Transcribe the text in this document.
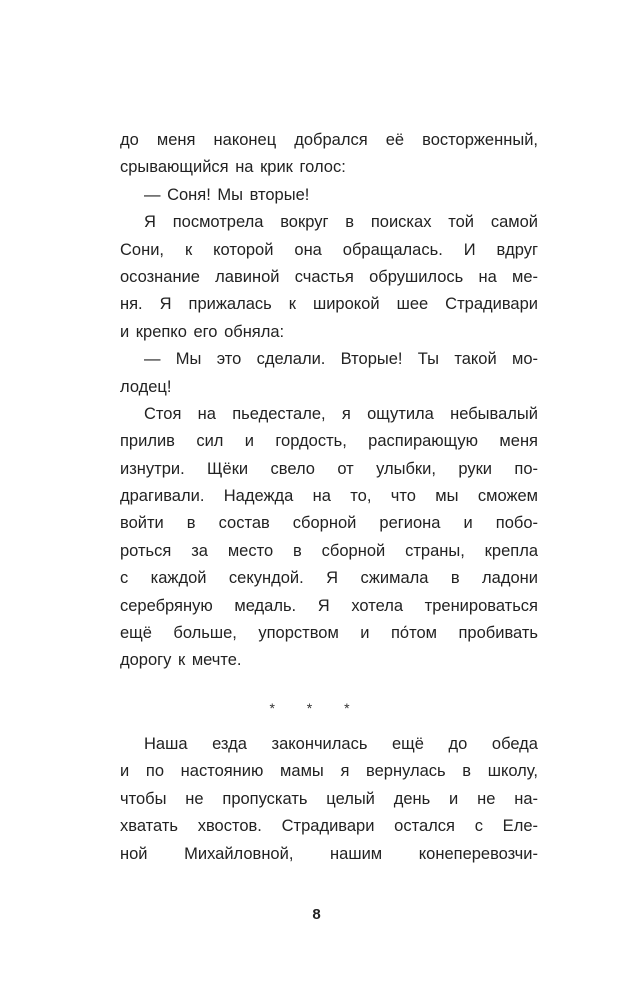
до меня наконец добрался её восторженный,
срывающийся на крик голос:
— Соня! Мы вторые!
Я посмотрела вокруг в поисках той самой
Сони, к которой она обращалась. И вдруг
осознание лавиной счастья обрушилось на ме-
ня. Я прижалась к широкой шее Страдивари
и крепко его обняла:
— Мы это сделали. Вторые! Ты такой мо-
лодец!
Стоя на пьедестале, я ощутила небывалый
прилив сил и гордость, распирающую меня
изнутри. Щёки свело от улыбки, руки по-
драгивали. Надежда на то, что мы сможем
войти в состав сборной региона и побо-
роться за место в сборной страны, крепла
с каждой секундой. Я сжимала в ладони
серебряную медаль. Я хотела тренироваться
ещё больше, упорством и по́том пробивать
дорогу к мечте.
* * *
Наша езда закончилась ещё до обеда
и по настоянию мамы я вернулась в школу,
чтобы не пропускать целый день и не на-
хватать хвостов. Страдивари остался с Еле-
ной Михайловной, нашим конеперевозчи-
8
